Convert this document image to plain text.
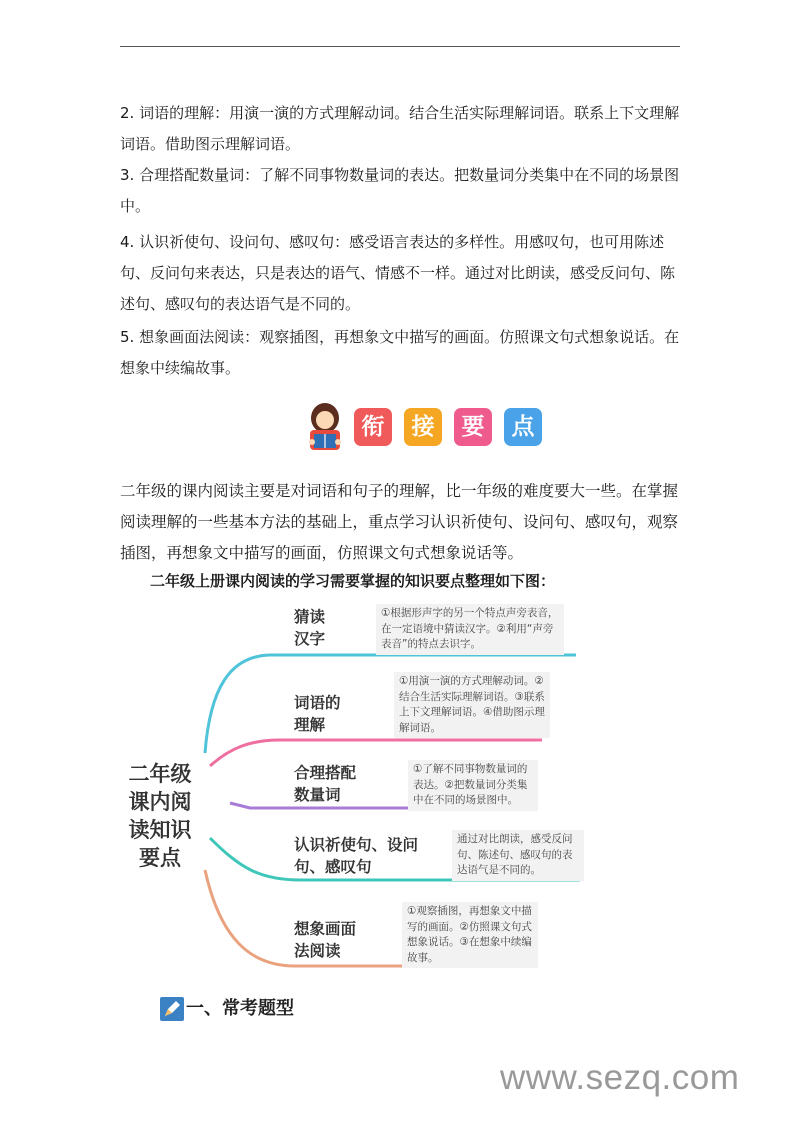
2. 词语的理解：用演一演的方式理解动词。结合生活实际理解词语。联系上下文理解词语。借助图示理解词语。

3. 合理搭配数量词：了解不同事物数量词的表达。把数量词分类集中在不同的场景图中。

4. 认识祈使句、设问句、感叹句：感受语言表达的多样性。用感叹句，也可用陈述句、反问句来表达，只是表达的语气、情感不一样。通过对比朗读，感受反问句、陈述句、感叹句的表达语气是不同的。

5. 想象画面法阅读：观察插图，再想象文中描写的画面。仿照课文句式想象说话。在想象中续编故事。

衔	接	要	点

二年级的课内阅读主要是对词语和句子的理解，比一年级的难度要大一些。在掌握阅读理解的一些基本方法的基础上，重点学习认识祈使句、设问句、感叹句，观察插图，再想象文中描写的画面，仿照课文句式想象说话等。

二年级上册课内阅读的学习需要掌握的知识要点整理如下图：
二年级课内阅读知识要点
猜读汉字
①根据形声字的另一个特点声旁表音，在一定语境中猜读汉字。②利用“声旁表音”的特点去识字。
词语的理解
①用演一演的方式理解动词。②结合生活实际理解词语。③联系上下文理解词语。④借助图示理解词语。
合理搭配数量词
①了解不同事物数量词的表达。②把数量词分类集中在不同的场景图中。
认识祈使句、设问句、感叹句
通过对比朗读，感受反问句、陈述句、感叹句的表达语气是不同的。
想象画面法阅读
①观察插图，再想象文中描写的画面。②仿照课文句式想象说话。③在想象中续编故事。
一、常考题型
www.sezq.com
